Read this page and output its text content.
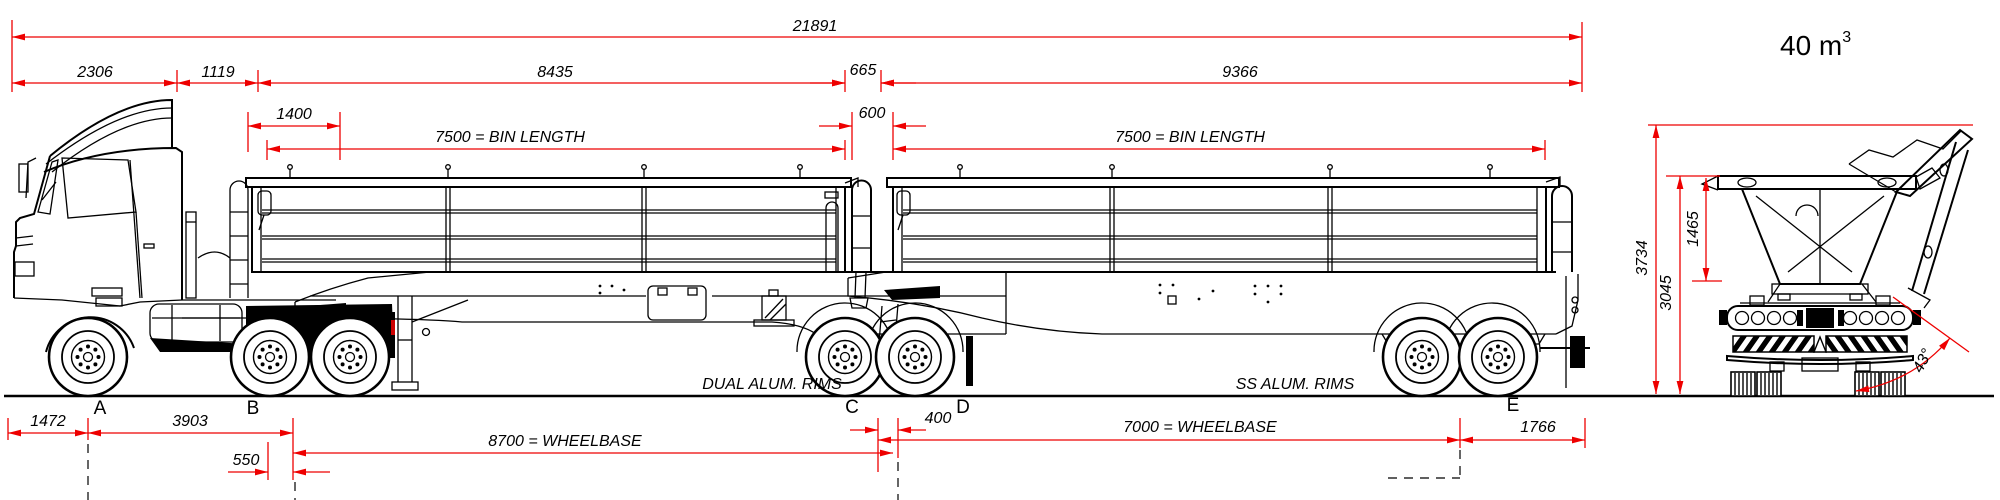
21891
2306	1119	8435	665	9366
1400
7500 = BIN LENGTH
600
7500 = BIN LENGTH
1472	3903
550
8700 = WHEELBASE
400
7000 = WHEELBASE	1766
A	B	C	D	E
3734
3045
1465
43°
DUAL ALUM. RIMS	SS ALUM. RIMS
40 $m^3$
